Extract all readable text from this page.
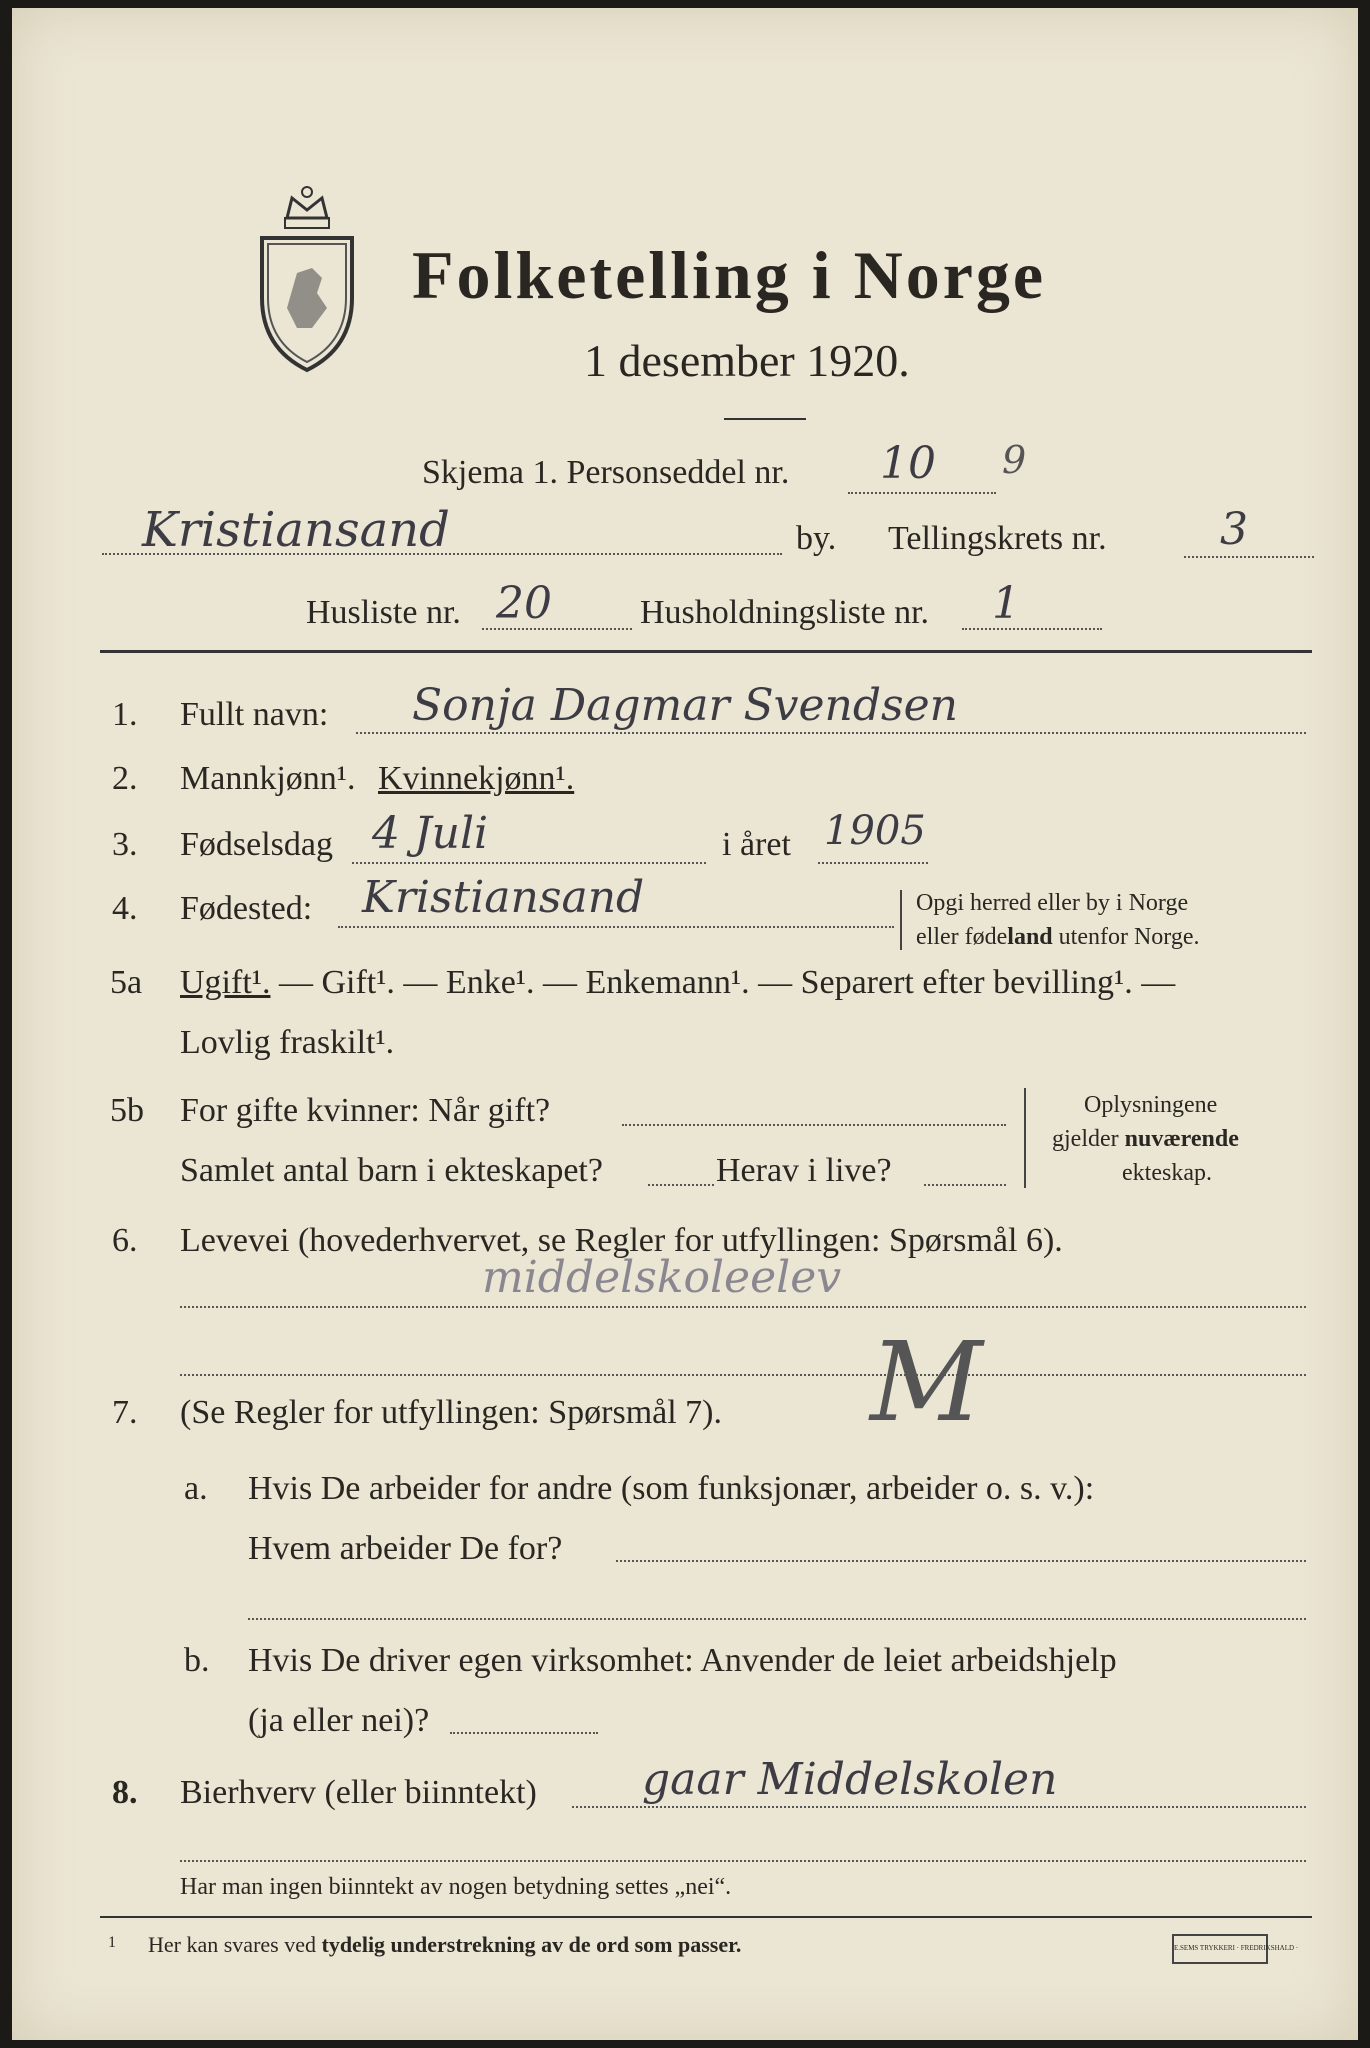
Folketelling i Norge
1 desember 1920.
Skjema 1. Personseddel nr. 10 9
Kristiansand	by. Tellingskrets nr.	3
Husliste nr. 20	Husholdningsliste nr. 1
1. Fullt navn: Sonja Dagmar Svendsen
2. Mannkjønn¹. Kvinnekjønn¹.
3. Fødselsdag 4 Juli	i året 1905
4. Fødested: Kristiansand	Opgi herred eller by i Norge
eller fødeland utenfor Norge.
5a Ugift¹. — Gift¹. — Enke¹. — Enkemann¹. — Separert efter bevilling¹. —
Lovlig fraskilt¹.
5b For gifte kvinner: Når gift?
Samlet antal barn i ekteskapet?	Herav i live?
Oplysningene
gjelder nuværende
ekteskap.
6. Levevei (hovederhvervet, se Regler for utfyllingen: Spørsmål 6).
middelskoleelev
7. (Se Regler for utfyllingen: Spørsmål 7). M
a. Hvis De arbeider for andre (som funksjonær, arbeider o. s. v.):
Hvem arbeider De for?
b. Hvis De driver egen virksomhet: Anvender de leiet arbeidshjelp
(ja eller nei)?
8. Bierhverv (eller biinntekt) gaar Middelskolen
Har man ingen biinntekt av nogen betydning settes „nei“.
1 Her kan svares ved tydelig understrekning av de ord som passer.	E.SEMS TRYKKERI · FREDRIKSHALD ·
